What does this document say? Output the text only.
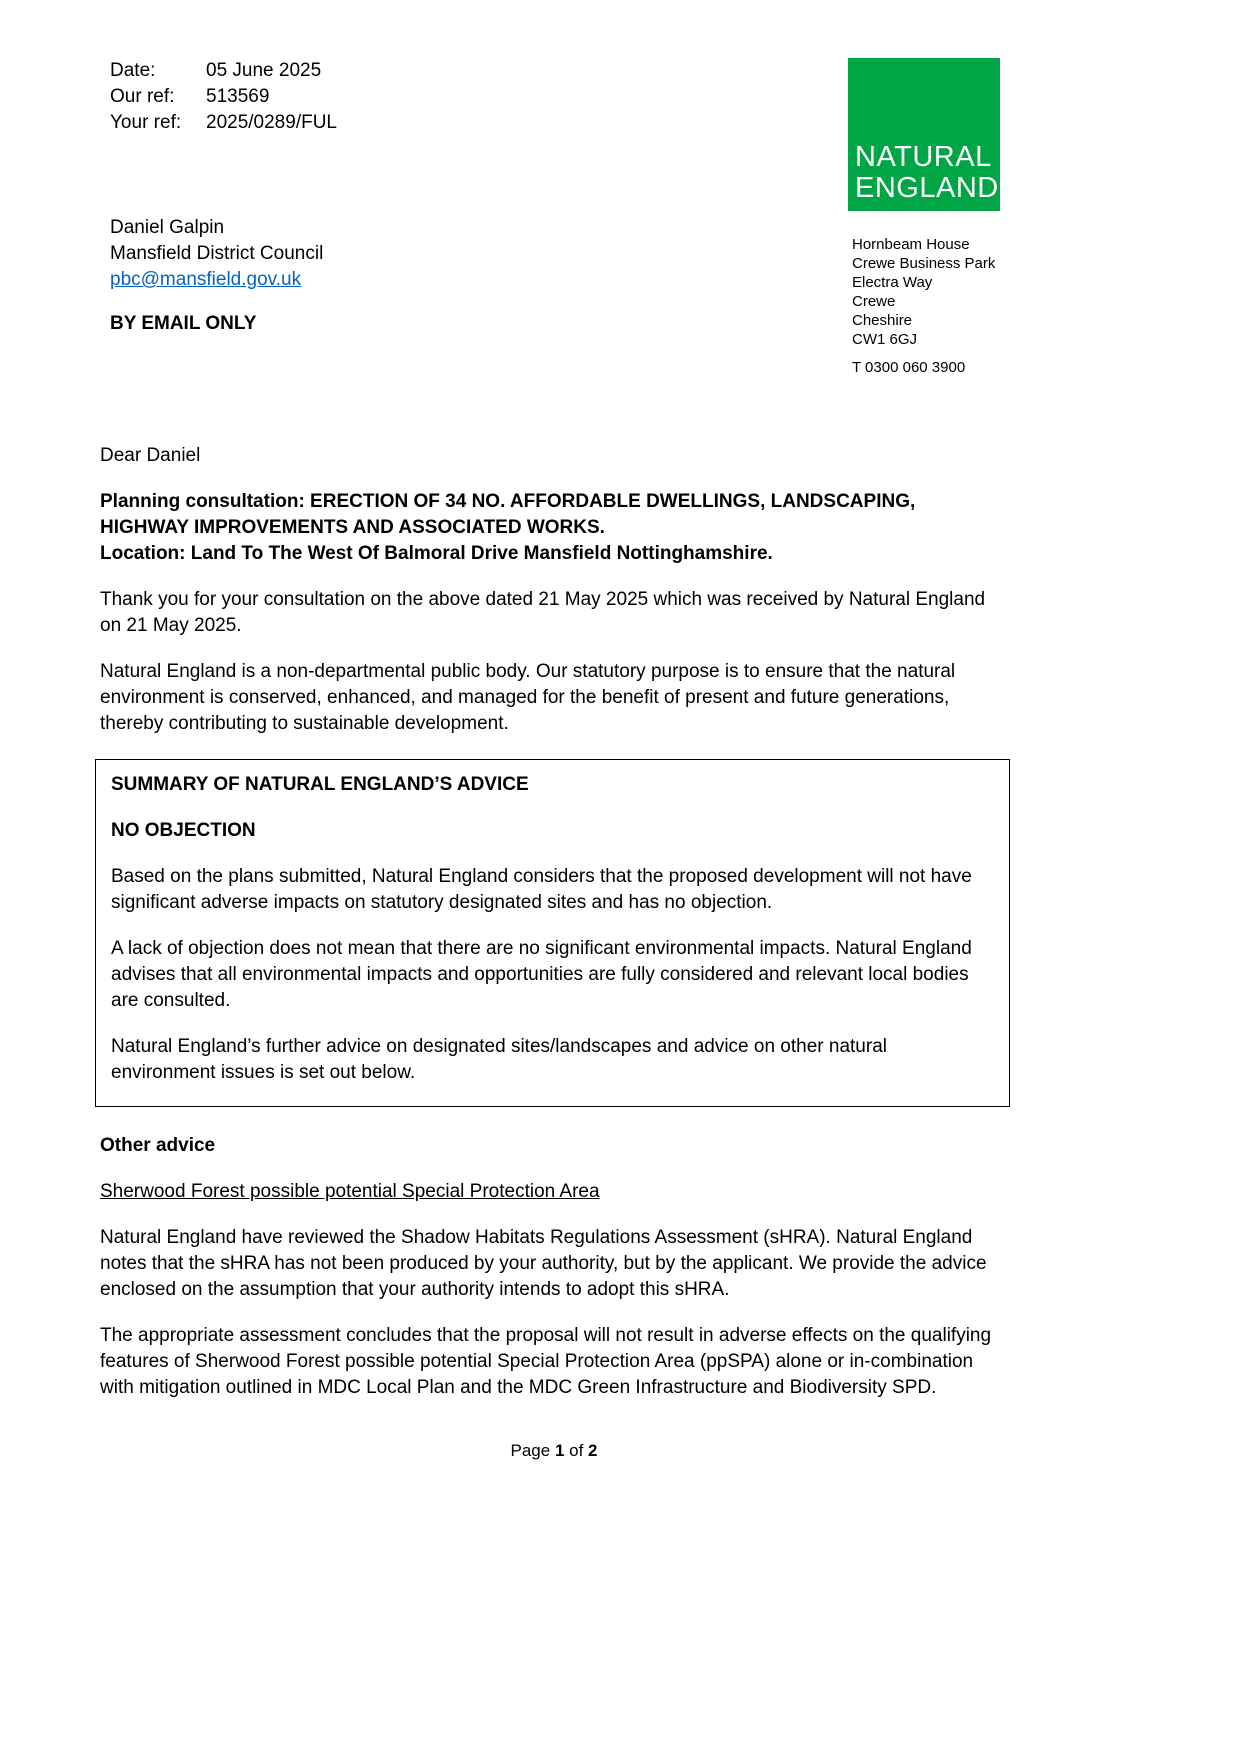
Date:	05 June 2025
Our ref:	513569
Your ref:	2025/0289/FUL
NATURAL
ENGLAND
Hornbeam House
Crewe Business Park
Electra Way
Crewe
Cheshire
CW1 6GJ
T 0300 060 3900
Daniel Galpin
Mansfield District Council
pbc@mansfield.gov.uk
BY EMAIL ONLY
Dear Daniel
Planning consultation: ERECTION OF 34 NO. AFFORDABLE DWELLINGS, LANDSCAPING, HIGHWAY IMPROVEMENTS AND ASSOCIATED WORKS.
Location: Land To The West Of Balmoral Drive Mansfield Nottinghamshire.
Thank you for your consultation on the above dated 21 May 2025 which was received by Natural England on 21 May 2025.
Natural England is a non-departmental public body. Our statutory purpose is to ensure that the natural environment is conserved, enhanced, and managed for the benefit of present and future generations, thereby contributing to sustainable development.
SUMMARY OF NATURAL ENGLAND’S ADVICE
NO OBJECTION
Based on the plans submitted, Natural England considers that the proposed development will not have significant adverse impacts on statutory designated sites and has no objection.
A lack of objection does not mean that there are no significant environmental impacts. Natural England advises that all environmental impacts and opportunities are fully considered and relevant local bodies are consulted.
Natural England’s further advice on designated sites/landscapes and advice on other natural environment issues is set out below.
Other advice
Sherwood Forest possible potential Special Protection Area
Natural England have reviewed the Shadow Habitats Regulations Assessment (sHRA). Natural England notes that the sHRA has not been produced by your authority, but by the applicant. We provide the advice enclosed on the assumption that your authority intends to adopt this sHRA.
The appropriate assessment concludes that the proposal will not result in adverse effects on the qualifying features of Sherwood Forest possible potential Special Protection Area (ppSPA) alone or in-combination with mitigation outlined in MDC Local Plan and the MDC Green Infrastructure and Biodiversity SPD.
Page 1 of 2
